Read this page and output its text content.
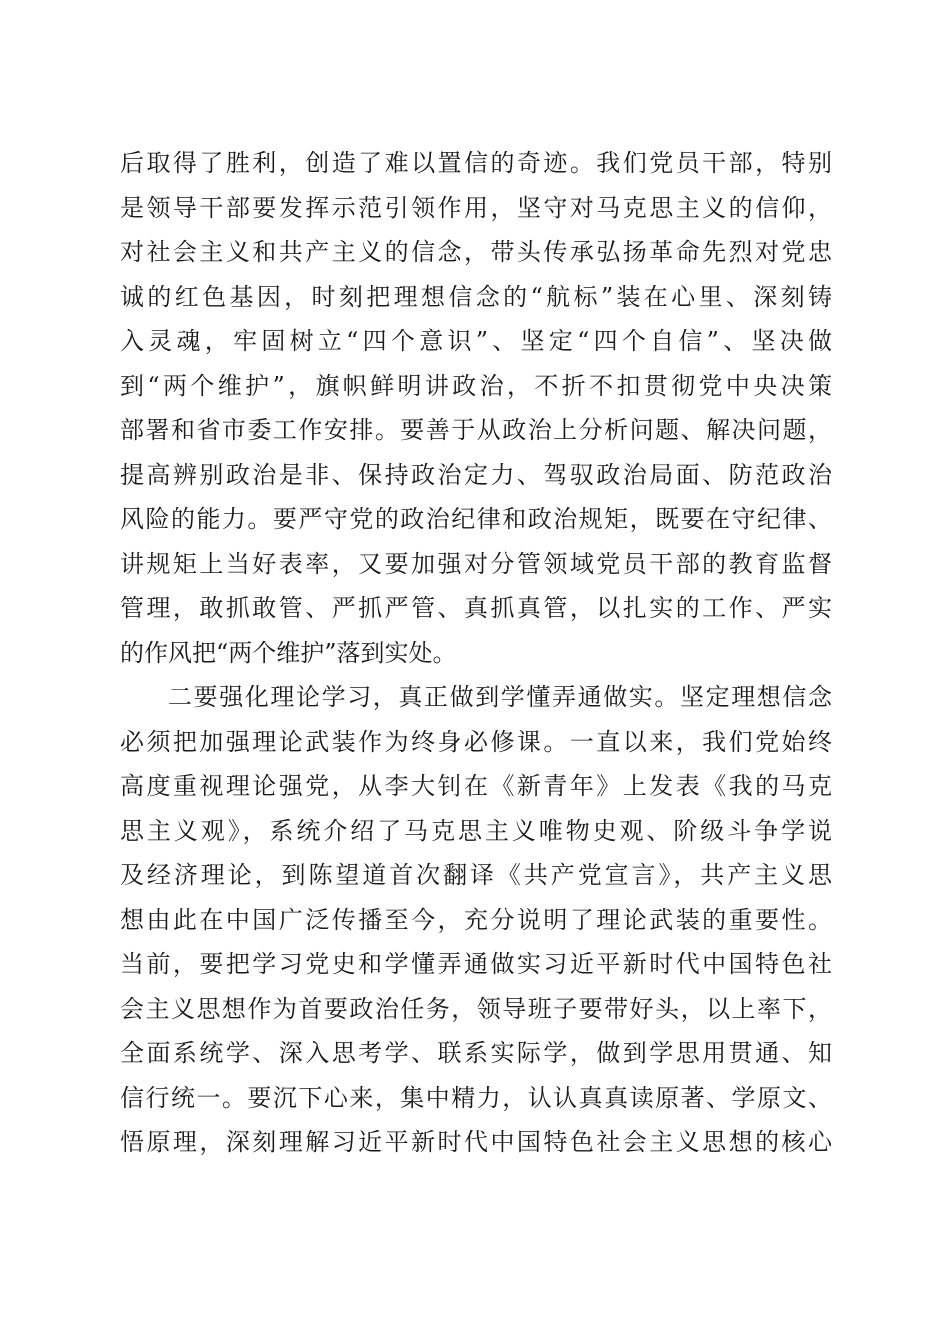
后取得了胜利，创造了难以置信的奇迹。我们党员干部，特别
是领导干部要发挥示范引领作用，坚守对马克思主义的信仰，
对社会主义和共产主义的信念，带头传承弘扬革命先烈对党忠
诚的红色基因，时刻把理想信念的“航标”装在心里、深刻铸
入灵魂，牢固树立“四个意识”、坚定“四个自信”、坚决做
到“两个维护”，旗帜鲜明讲政治，不折不扣贯彻党中央决策
部署和省市委工作安排。要善于从政治上分析问题、解决问题，
提高辨别政治是非、保持政治定力、驾驭政治局面、防范政治
风险的能力。要严守党的政治纪律和政治规矩，既要在守纪律、
讲规矩上当好表率，又要加强对分管领域党员干部的教育监督
管理，敢抓敢管、严抓严管、真抓真管，以扎实的工作、严实
的作风把“两个维护”落到实处。
二要强化理论学习，真正做到学懂弄通做实。坚定理想信念
必须把加强理论武装作为终身必修课。一直以来，我们党始终
高度重视理论强党，从李大钊在《新青年》上发表《我的马克
思主义观》，系统介绍了马克思主义唯物史观、阶级斗争学说
及经济理论，到陈望道首次翻译《共产党宣言》，共产主义思
想由此在中国广泛传播至今，充分说明了理论武装的重要性。
当前，要把学习党史和学懂弄通做实习近平新时代中国特色社
会主义思想作为首要政治任务，领导班子要带好头，以上率下，
全面系统学、深入思考学、联系实际学，做到学思用贯通、知
信行统一。要沉下心来，集中精力，认认真真读原著、学原文、
悟原理，深刻理解习近平新时代中国特色社会主义思想的核心
